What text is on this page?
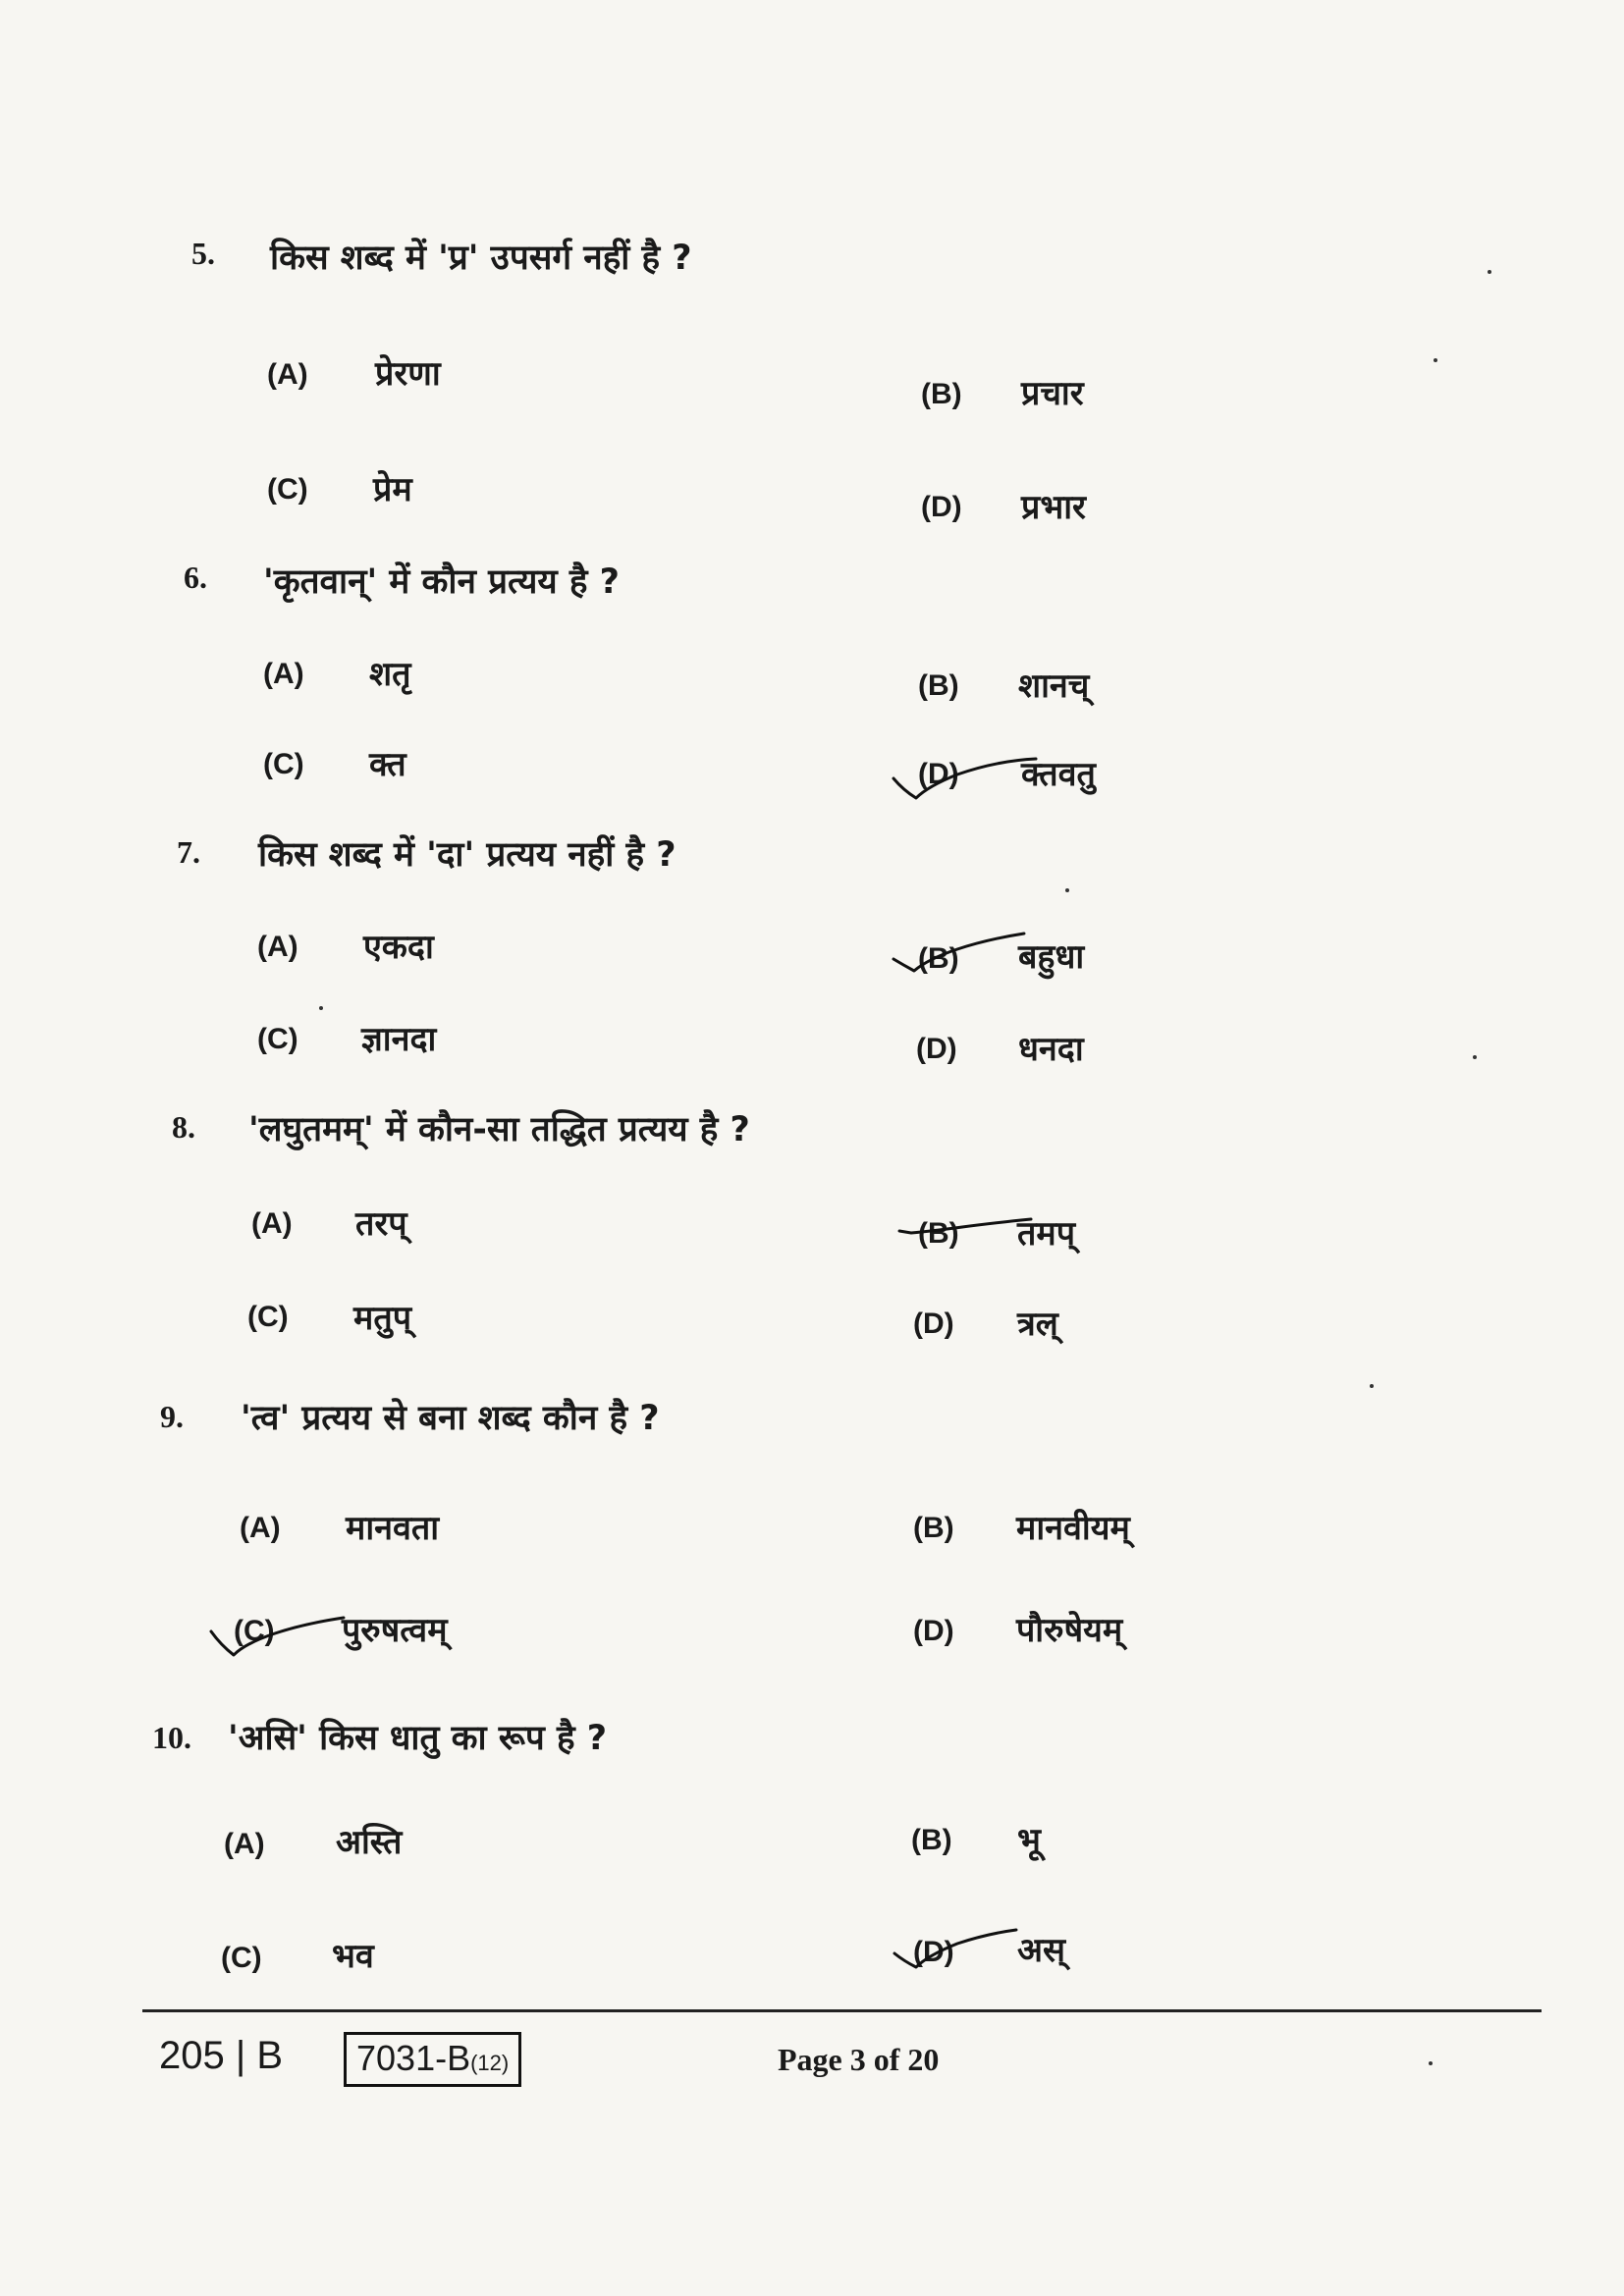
5. किस शब्द में 'प्र' उपसर्ग नहीं है ?
(A) प्रेरणा
(B) प्रचार
(C) प्रेम	(D) प्रभार
6. 'कृतवान्' में कौन प्रत्यय है ?
(A) शतृ	(B) शानच्
(C) क्त	(D) क्तवतु
7. किस शब्द में 'दा' प्रत्यय नहीं है ?
(A) एकदा	(B) बहुधा
(C) ज्ञानदा	(D) धनदा
8. 'लघुतमम्' में कौन-सा तद्धित प्रत्यय है ?
(A) तरप्	(B) तमप्
(C) मतुप्	(D) त्रल्
9. 'त्व' प्रत्यय से बना शब्द कौन है ?
(A) मानवता	(B) मानवीयम्
(C) पुरुषत्वम्	(D) पौरुषेयम्
10. 'असि' किस धातु का रूप है ?
(A) अस्ति	(B) भू
(C) भव	(D) अस्
205 | B	7031-B(12)	Page 3 of 20
